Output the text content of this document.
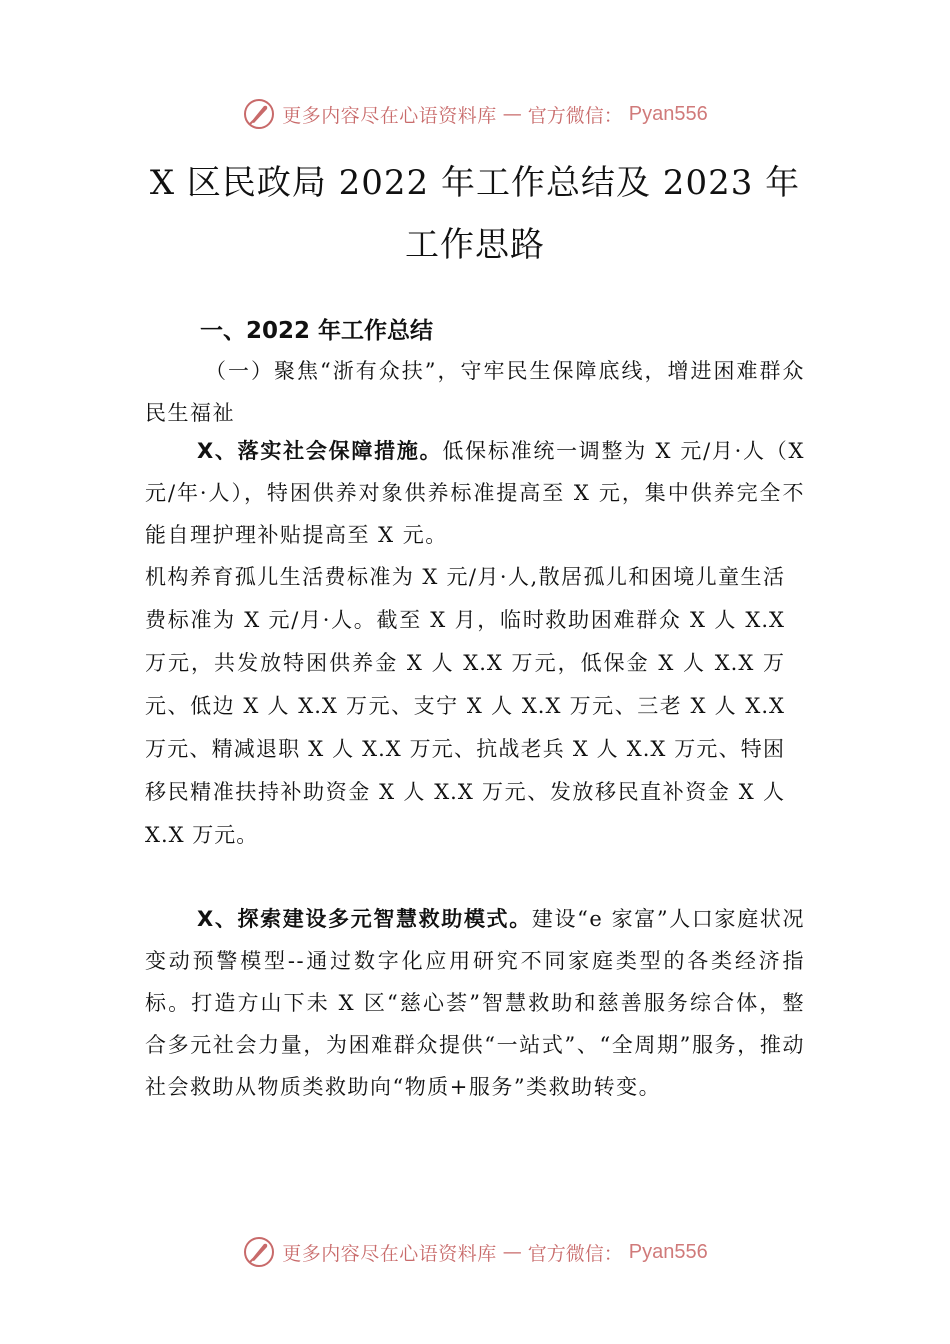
更多内容尽在心语资料库 — 官方微信： Pyan556
X 区民政局 2022 年工作总结及 2023 年工作思路
一、2022 年工作总结

（一）聚焦“浙有众扶”，守牢民生保障底线，增进困难群众民生福祉

X、落实社会保障措施。低保标准统一调整为 X 元/月·人（X 元/年·人），特困供养对象供养标准提高至 X 元，集中供养完全不能自理护理补贴提高至 X 元。

机构养育孤儿生活费标准为 X 元/月·人,散居孤儿和困境儿童生活费标准为 X 元/月·人。截至 X 月，临时救助困难群众 X 人 X.X 万元，共发放特困供养金 X 人 X.X 万元，低保金 X 人 X.X 万元、低边 X 人 X.X 万元、支宁 X 人 X.X 万元、三老 X 人 X.X 万元、精减退职 X 人 X.X 万元、抗战老兵 X 人 X.X 万元、特困移民精准扶持补助资金 X 人 X.X 万元、发放移民直补资金 X 人 X.X 万元。

X、探索建设多元智慧救助模式。建设“e 家富”人口家庭状况变动预警模型--通过数字化应用研究不同家庭类型的各类经济指标。打造方山下未 X 区“慈心荟”智慧救助和慈善服务综合体，整合多元社会力量，为困难群众提供“一站式”、“全周期”服务，推动社会救助从物质类救助向“物质+服务”类救助转变。

更多内容尽在心语资料库 — 官方微信： Pyan556
